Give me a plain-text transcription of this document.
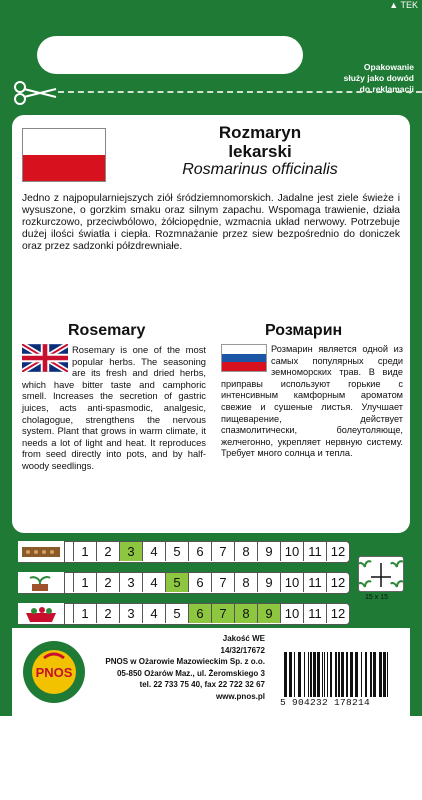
▲ TEK
Opakowanie
służy jako dowód
do reklamacji
Rozmaryn
lekarski
Rosmarinus officinalis
Jedno z najpopularniejszych ziół śródziemnomorskich. Jadalne jest ziele świeże i wysuszone, o gorzkim smaku oraz silnym zapachu. Wspomaga trawienie, działa rozkurczowo, przeciwbólowo, żółciopędnie, wzmacnia układ nerwowy. Potrzebuje dużej ilości światła i ciepła. Rozmnażanie przez siew bezpośrednio do doniczek oraz przez sadzonki półzdrewniałe.
Rosemary	Розмарин
Rosemary is one of the most popular herbs. The seasoning are its fresh and dried herbs, which have bitter taste and camphoric smell. Increases the secretion of gastric juices, acts anti-spasmodic, analgesic, cholagogue, strengthens the nervous system. Plant that grows in warm climate, it needs a lot of light and heat. It reproduces from seed directly into pots, and by half-woody seedlings.
Розмарин является одной из самых популярных среди земноморских трав. В виде приправы используют горькие с интенсивным камфорным ароматом свежие и сушеные листья. Улучшает пищеварение, действует спазмолитически, болеутоляюще, желчегонно, укрепляет нервную систему. Требует много солнца и тепла.
1	2	3	4	5	6	7	8	9 10 11 12
1	2	3	4	5	6	7	8	9 10 11 12
1	2	3	4	5	6	7	8	9 10 11 12
15 x 15
PNOS
Jakość WE
14/32/17672
PNOS w Ożarowie Mazowieckim Sp. z o.o.
05-850 Ożarów Maz., ul. Żeromskiego 3
tel. 22 733 75 40, fax 22 722 32 67
www.pnos.pl
5 904232 178214
